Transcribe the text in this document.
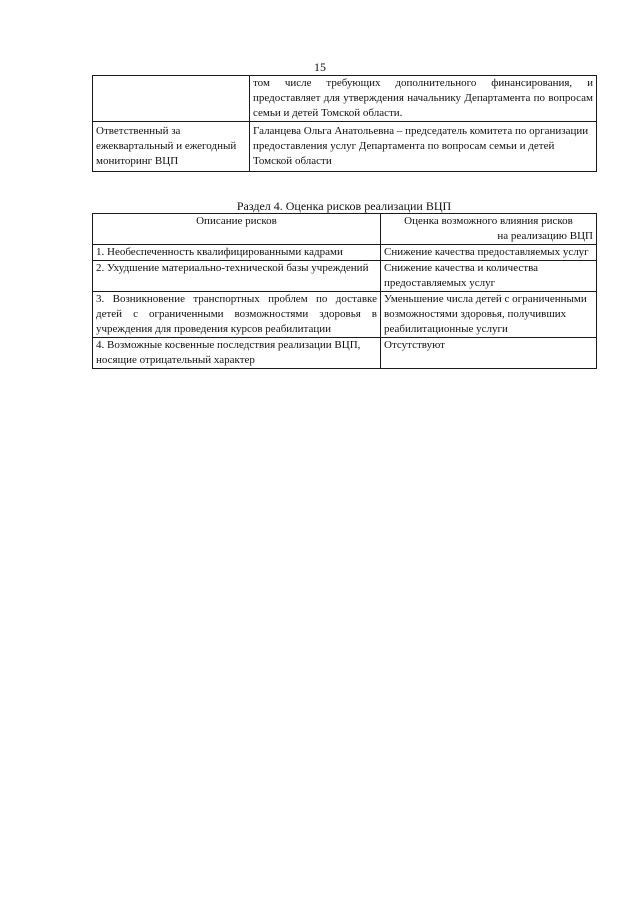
15
	том числе требующих дополнительного финансирования, и предоставляет для утверждения начальнику Департамента по вопросам семьи и детей Томской области.
Ответственный за ежеквартальный и ежегодный мониторинг ВЦП	Галанцева Ольга Анатольевна – председатель комитета по организации предоставления услуг Департамента по вопросам семьи и детей Томской области
Раздел 4. Оценка рисков реализации ВЦП
Описание рисков	Оценка возможного влияния рисков
на реализацию ВЦП

1. Необеспеченность квалифицированными кадрами	Снижение качества предоставляемых услуг
2. Ухудшение материально-технической базы учреждений	Снижение качества и количества предоставляемых услуг
3. Возникновение транспортных проблем по доставке детей с ограниченными возможностями здоровья в учреждения для проведения курсов реабилитации	Уменьшение числа детей с ограниченными возможностями здоровья, получивших реабилитационные услуги
4. Возможные косвенные последствия реализации ВЦП, носящие отрицательный характер	Отсутствуют
